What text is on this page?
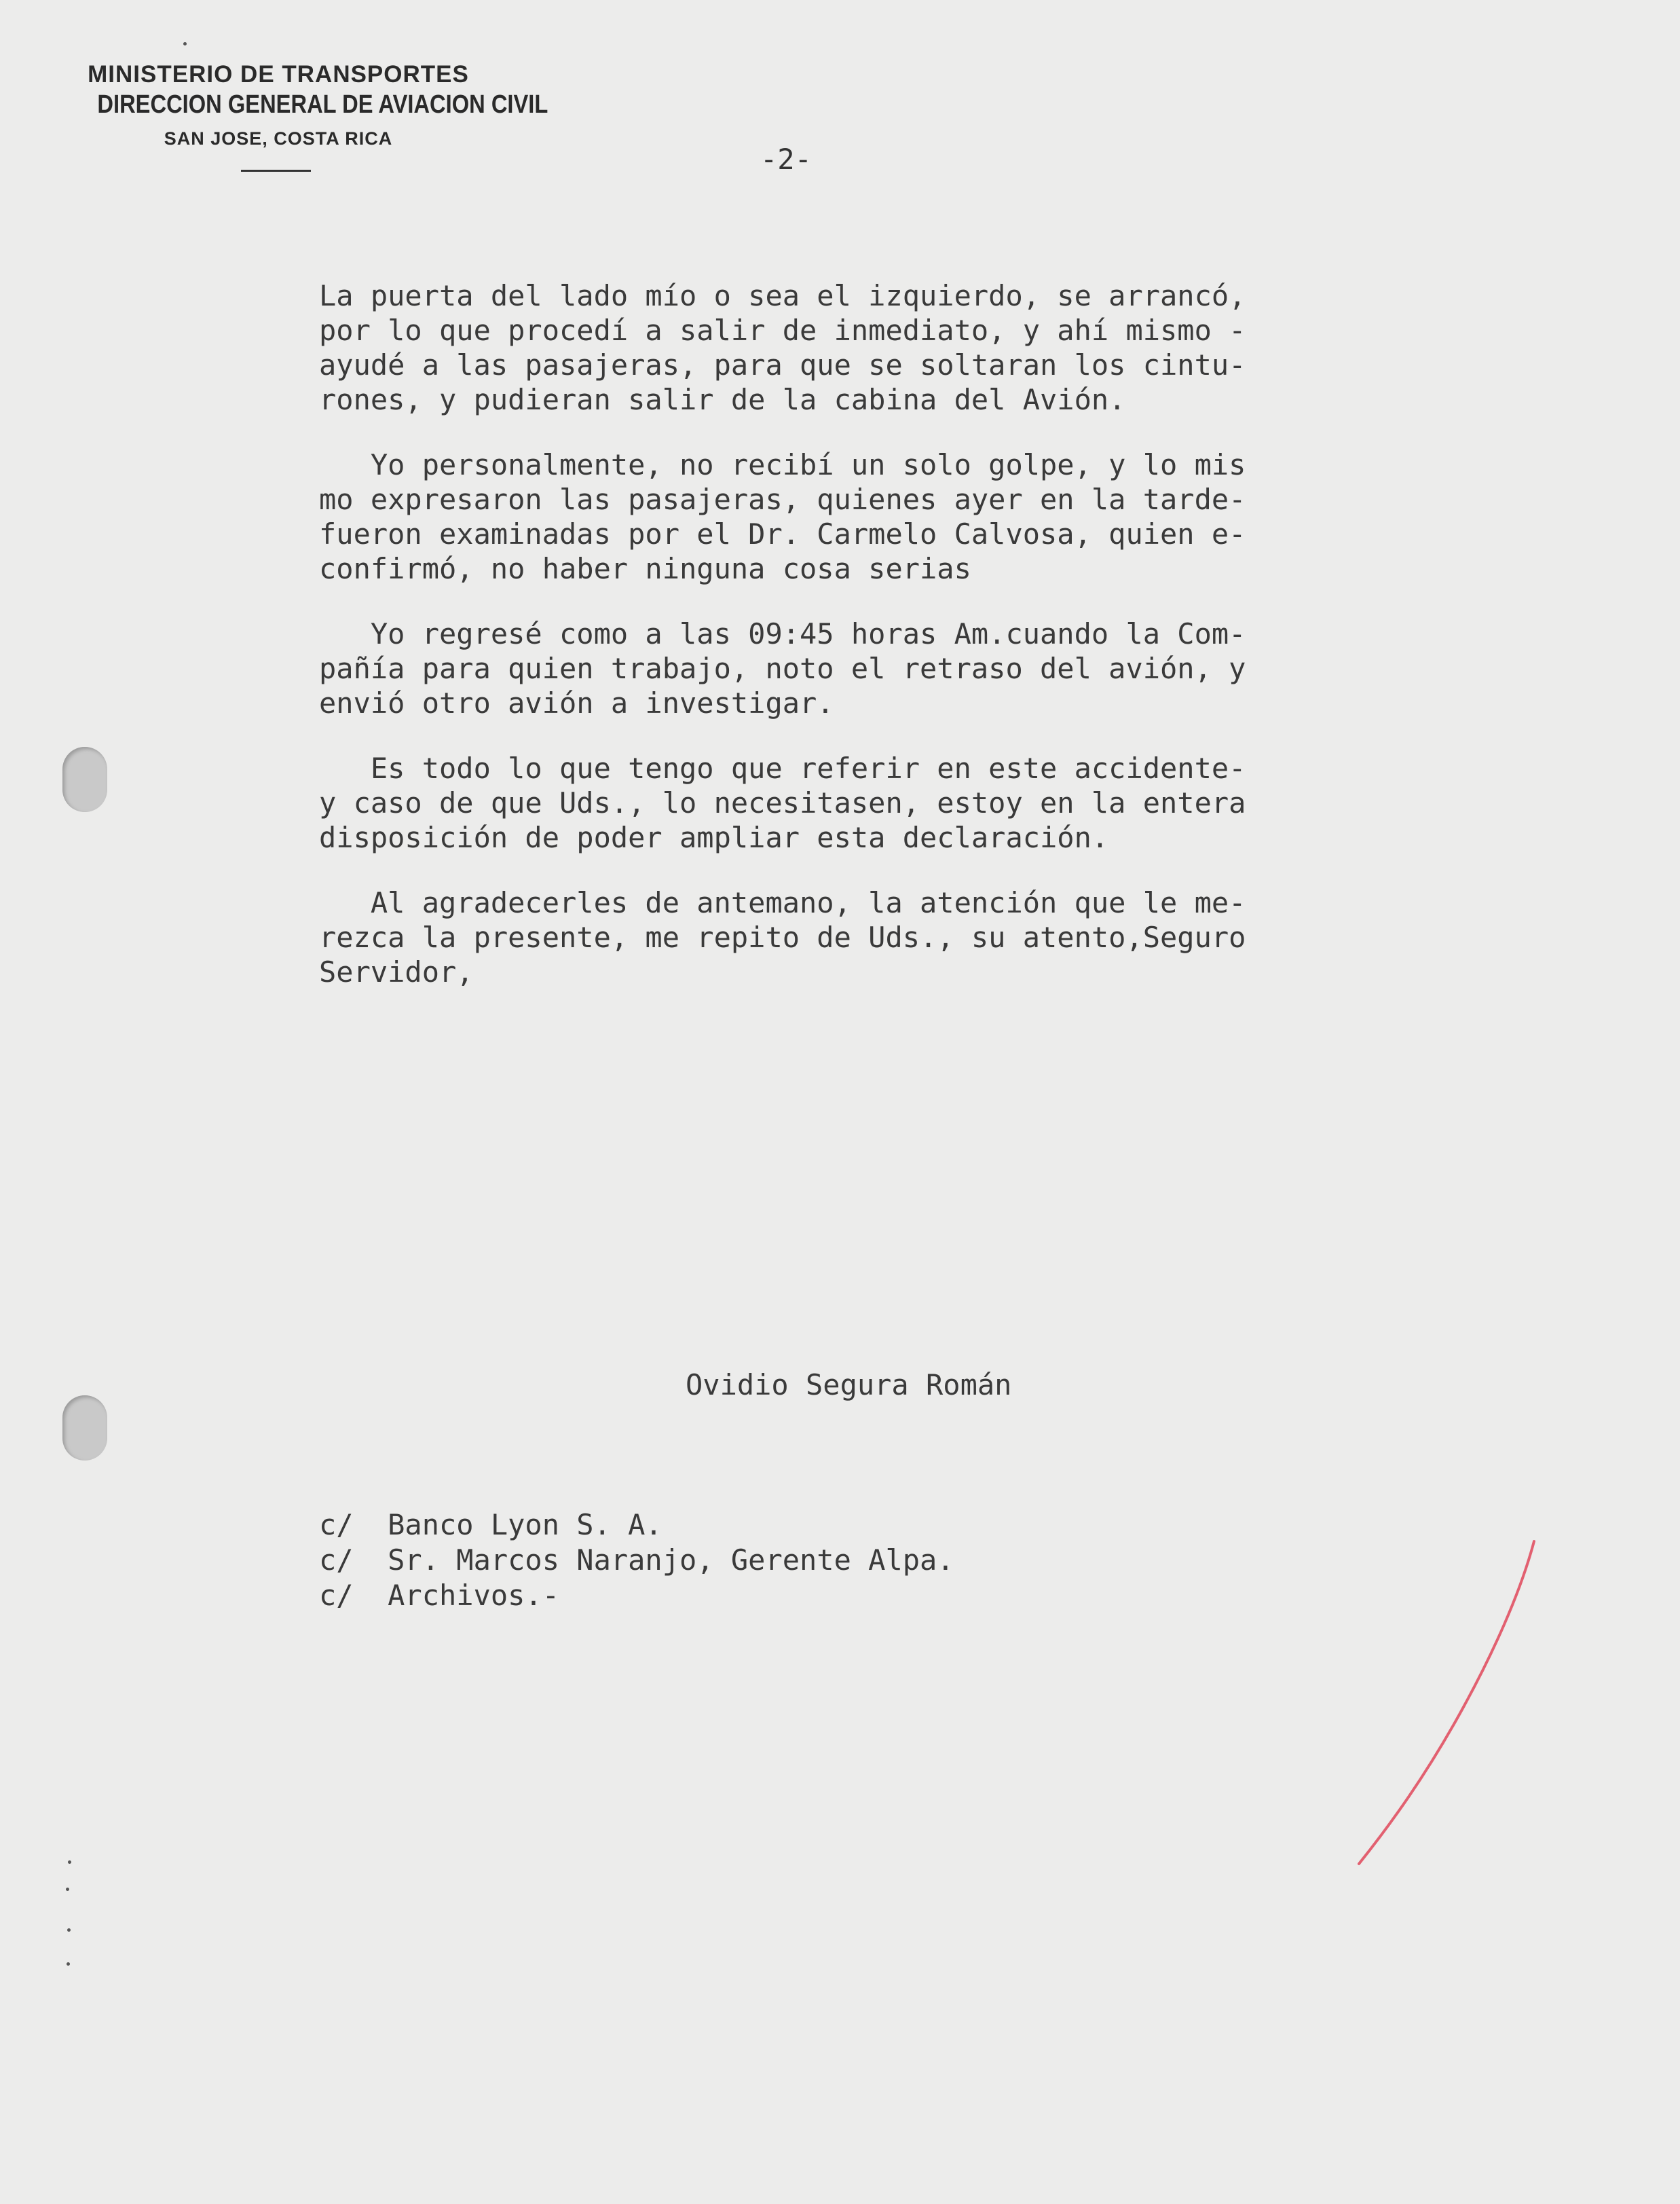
MINISTERIO DE TRANSPORTES
DIRECCION GENERAL DE AVIACION CIVIL
SAN JOSE, COSTA RICA
-2-
La puerta del lado mío o sea el izquierdo, se arrancó,
por lo que procedí a salir de inmediato, y ahí mismo -
ayudé a las pasajeras, para que se soltaran los cintu-
rones, y pudieran salir de la cabina del Avión.
Yo personalmente, no recibí un solo golpe, y lo mis
mo expresaron las pasajeras, quienes ayer en la tarde-
fueron examinadas por el Dr. Carmelo Calvosa, quien e-
confirmó, no haber ninguna cosa serias
Yo regresé como a las 09:45 horas Am.cuando la Com-
pañía para quien trabajo, noto el retraso del avión, y
envió otro avión a investigar.
Es todo lo que tengo que referir en este accidente-
y caso de que Uds., lo necesitasen, estoy en la entera
disposición de poder ampliar esta declaración.
Al agradecerles de antemano, la atención que le me-
rezca la presente, me repito de Uds., su atento,Seguro
Servidor,
Ovidio Segura Román
c/  Banco Lyon S. A.
c/  Sr. Marcos Naranjo, Gerente Alpa.
c/  Archivos.-
